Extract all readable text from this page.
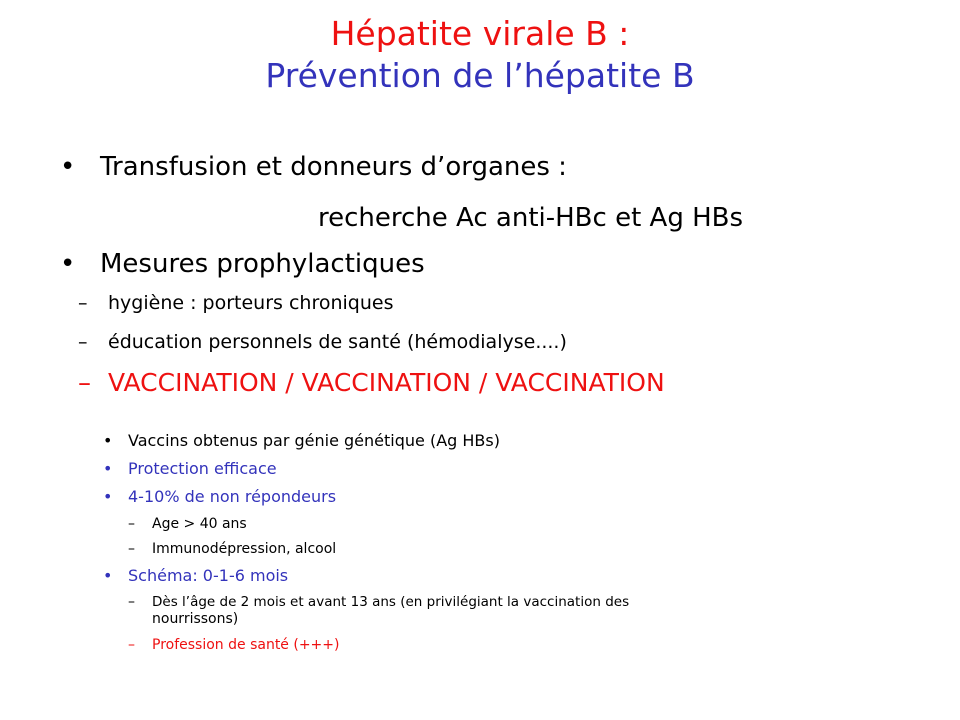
Hépatite virale B :
Prévention de l’hépatite B
• Transfusion et donneurs d’organes :
recherche Ac anti-HBc et Ag HBs
• Mesures prophylactiques
– hygiène : porteurs chroniques
– éducation personnels de santé (hémodialyse....)
– VACCINATION / VACCINATION / VACCINATION
• Vaccins obtenus par génie génétique (Ag HBs)
• Protection efficace
• 4-10% de non répondeurs
– Age > 40 ans
– Immunodépression, alcool
• Schéma: 0-1-6 mois
– Dès l’âge de 2 mois et avant 13 ans (en privilégiant la vaccination des
nourrissons)
– Profession de santé (+++)
